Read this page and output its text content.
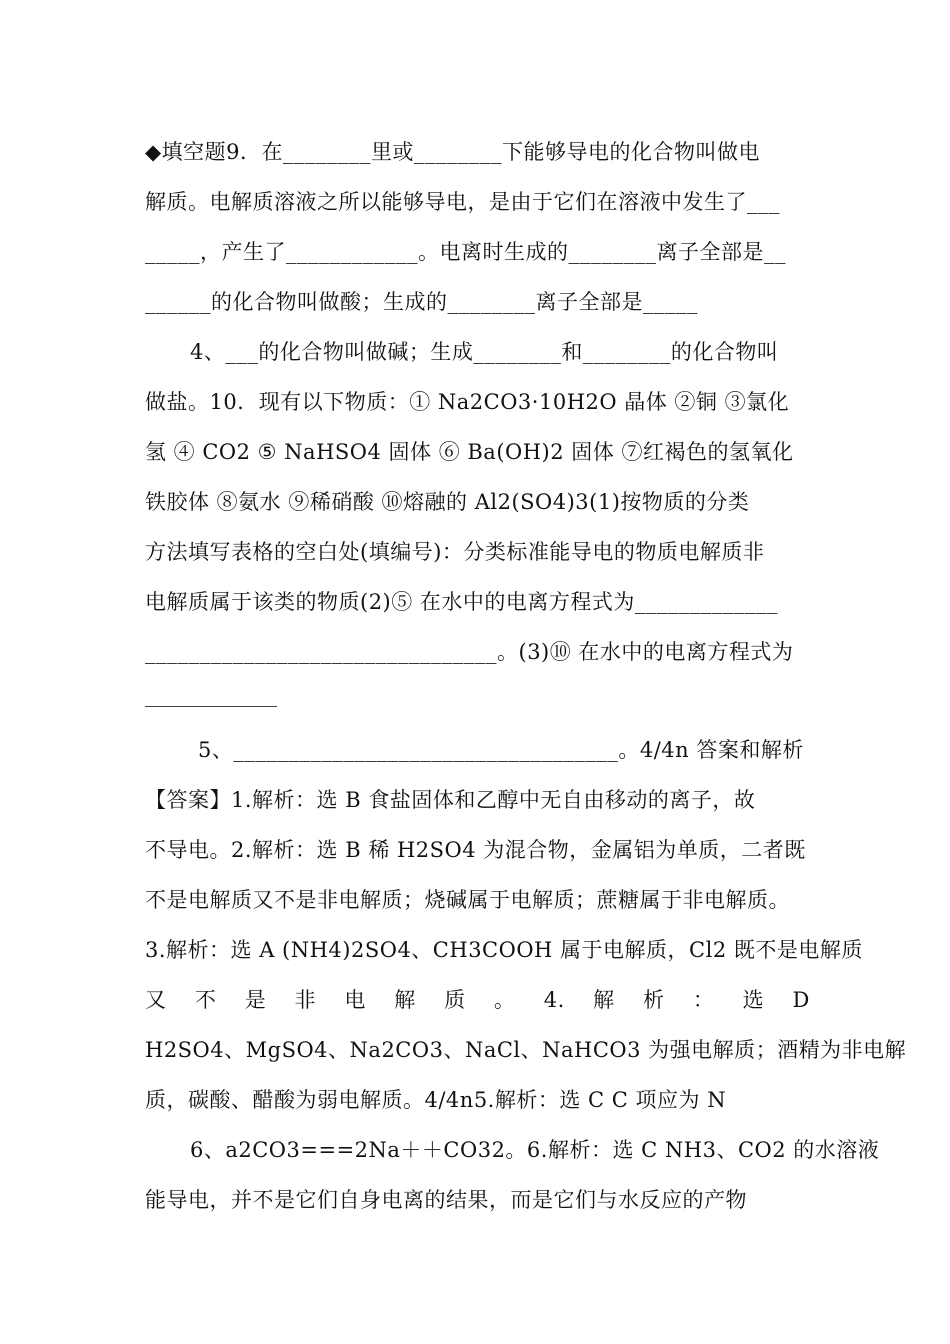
◆填空题9．在________里或________下能够导电的化合物叫做电
解质。电解质溶液之所以能够导电，是由于它们在溶液中发生了___
_____，产生了____________。电离时生成的________离子全部是__
______的化合物叫做酸；生成的________离子全部是_____
4、___的化合物叫做碱；生成________和________的化合物叫
做盐。10．现有以下物质：① Na2CO3·10H2O 晶体 ②铜 ③氯化
氢 ④ CO2 ⑤ NaHSO4 固体 ⑥ Ba(OH)2 固体 ⑦红褐色的氢氧化
铁胶体 ⑧氨水 ⑨稀硝酸 ⑩熔融的 Al2(SO4)3(1)按物质的分类
方法填写表格的空白处(填编号)：分类标准能导电的物质电解质非
电解质属于该类的物质(2)⑤ 在水中的电离方程式为_____________
________________________________。(3)⑩ 在水中的电离方程式为
5、___________________________________。4/4n 答案和解析
【答案】1.解析：选 B 食盐固体和乙醇中无自由移动的离子，故
不导电。2.解析：选 B 稀 H2SO4 为混合物，金属铝为单质，二者既
不是电解质又不是非电解质；烧碱属于电解质；蔗糖属于非电解质。
3.解析：选 A (NH4)2SO4、CH3COOH 属于电解质，Cl2 既不是电解质
又 不 是 非 电 解 质 。 4. 解 析 ： 选 D
H2SO4、MgSO4、Na2CO3、NaCl、NaHCO3 为强电解质；酒精为非电解
质，碳酸、醋酸为弱电解质。4/4n5.解析：选 C C 项应为 N
6、a2CO3===2Na＋＋CO32。6.解析：选 C NH3、CO2 的水溶液
能导电，并不是它们自身电离的结果，而是它们与水反应的产物
